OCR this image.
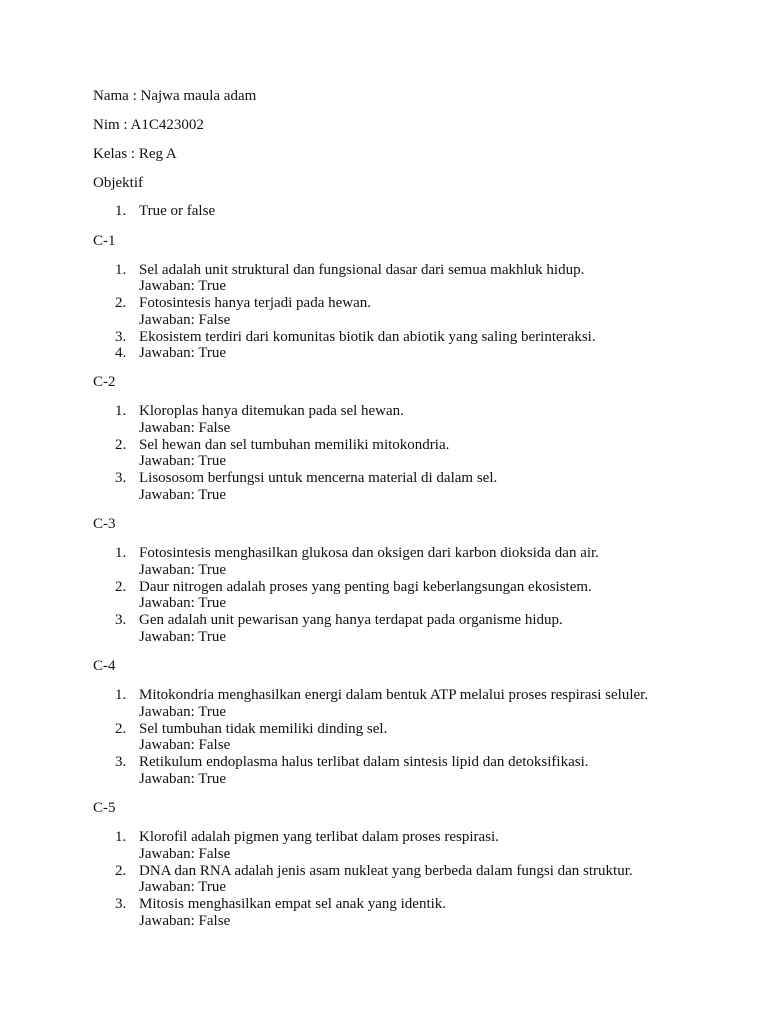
Nama : Najwa maula adam
Nim : A1C423002
Kelas : Reg A
Objektif
1. True or false
C-1
1. Sel adalah unit struktural dan fungsional dasar dari semua makhluk hidup.
Jawaban: True
2. Fotosintesis hanya terjadi pada hewan.
Jawaban: False
3. Ekosistem terdiri dari komunitas biotik dan abiotik yang saling berinteraksi.
4. Jawaban: True
C-2
1. Kloroplas hanya ditemukan pada sel hewan.
Jawaban: False
2. Sel hewan dan sel tumbuhan memiliki mitokondria.
Jawaban: True
3. Lisososom berfungsi untuk mencerna material di dalam sel.
Jawaban: True
C-3
1. Fotosintesis menghasilkan glukosa dan oksigen dari karbon dioksida dan air.
Jawaban: True
2. Daur nitrogen adalah proses yang penting bagi keberlangsungan ekosistem.
Jawaban: True
3. Gen adalah unit pewarisan yang hanya terdapat pada organisme hidup.
Jawaban: True
C-4
1. Mitokondria menghasilkan energi dalam bentuk ATP melalui proses respirasi seluler.
Jawaban: True
2. Sel tumbuhan tidak memiliki dinding sel.
Jawaban: False
3. Retikulum endoplasma halus terlibat dalam sintesis lipid dan detoksifikasi.
Jawaban: True
C-5
1. Klorofil adalah pigmen yang terlibat dalam proses respirasi.
Jawaban: False
2. DNA dan RNA adalah jenis asam nukleat yang berbeda dalam fungsi dan struktur.
Jawaban: True
3. Mitosis menghasilkan empat sel anak yang identik.
Jawaban: False
